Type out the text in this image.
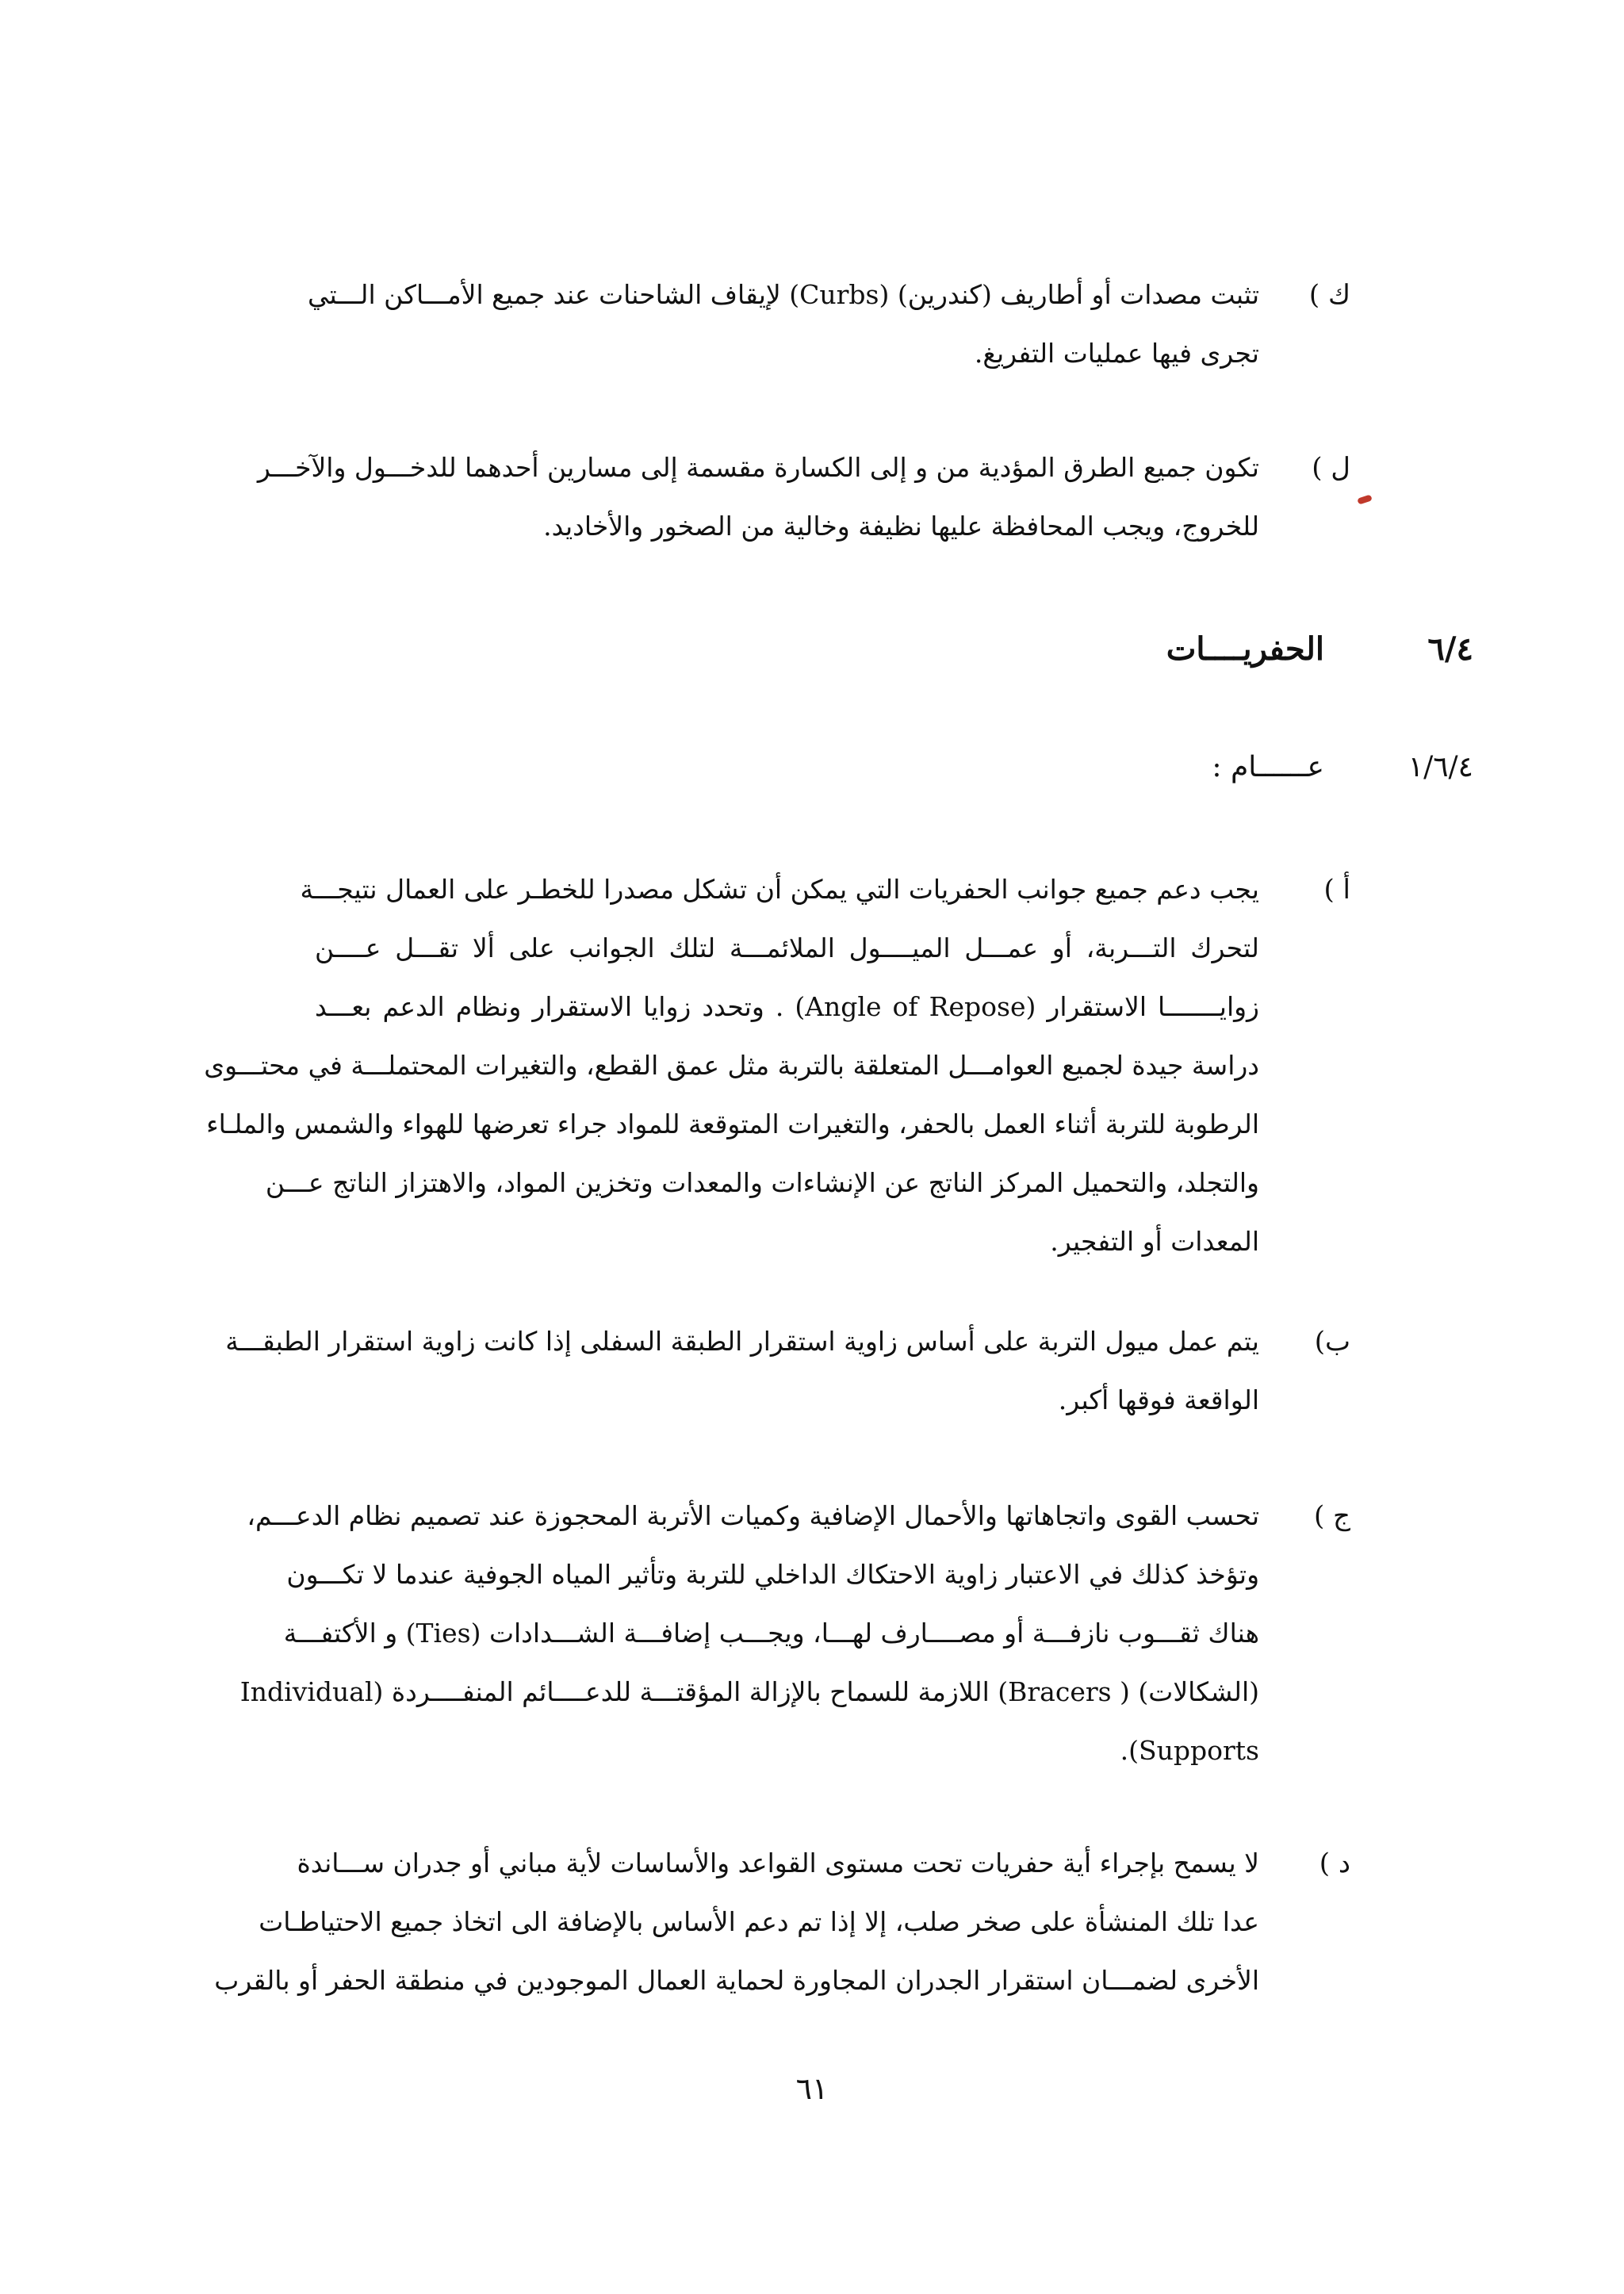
ك )
تثبت مصدات أو أطاريف (كندرين) (Curbs) لإيقاف الشاحنات عند جميع الأمـــاكن الـــتي
تجرى فيها عمليات التفريغ.
ل )
تكون جميع الطرق المؤدية من و إلى الكسارة مقسمة إلى مسارين أحدهما للدخـــول والآخـــر
للخروج، ويجب المحافظة عليها نظيفة وخالية من الصخور والأخاديد.
٦/٤
الحفريــــات
١/٦/٤
عــــــام :
أ )
يجب دعم جميع جوانب الحفريات التي يمكن أن تشكل مصدرا للخطـر على العمال نتيجـــة
لتحرك التـــربة، أو عمـــل الميــــول الملائمـــة لتلك الجوانب على ألا تقـــل عــــن
زوايـــــــا الاستقرار (Angle of Repose) . وتحدد زوايا الاستقرار ونظام الدعم بعـــد
دراسة جيدة لجميع العوامـــل المتعلقة بالتربة مثل عمق القطع، والتغيرات المحتملـــة في محتـــوى
الرطوبة للتربة أثناء العمل بالحفر، والتغيرات المتوقعة للمواد جراء تعرضها للهواء والشمس والملـاء
والتجلد، والتحميل المركز الناتج عن الإنشاءات والمعدات وتخزين المواد، والاهتزاز الناتج عـــن
المعدات أو التفجير.
ب)
يتم عمل ميول التربة على أساس زاوية استقرار الطبقة السفلى إذا كانت زاوية استقرار الطبقـــة
الواقعة فوقها أكبر.
ج )
تحسب القوى واتجاهاتها والأحمال الإضافية وكميات الأتربة المحجوزة عند تصميم نظام الدعـــم،
وتؤخذ كذلك في الاعتبار زاوية الاحتكاك الداخلي للتربة وتأثير المياه الجوفية عندما لا تكـــون
هناك ثقـــوب نازفـــة أو مصــــارف لهـــا، ويجـــب إضافـــة الشـــدادات (Ties) و الأكتفـــة
(الشكالات) ( Bracers) اللازمة للسماح بالإزالة المؤقتـــة للدعــــائم المنفــــردة (Individual
Supports).
د )
لا يسمح بإجراء أية حفريات تحت مستوى القواعد والأساسات لأية مباني أو جدران ســـاندة
عدا تلك المنشأة على صخر صلب، إلا إذا تم دعم الأساس بالإضافة الى اتخاذ جميع الاحتياطـات
الأخرى لضمـــان استقرار الجدران المجاورة لحماية العمال الموجودين في منطقة الحفر أو بالقرب
٦١
